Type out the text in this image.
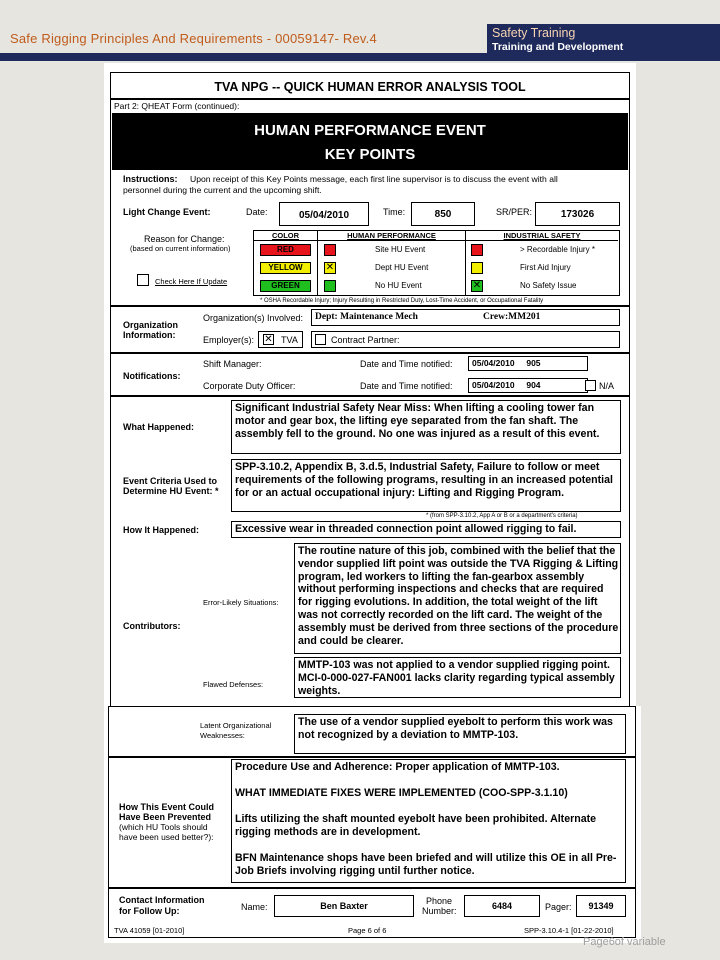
Safe Rigging Principles And Requirements - 00059147- Rev.4	Safety Training
Training and Development
TVA NPG -- QUICK HUMAN ERROR ANALYSIS TOOL
Part 2: QHEAT Form (continued):
HUMAN PERFORMANCE EVENT
KEY POINTS
Instructions: Upon receipt of this Key Points message, each first line supervisor is to discuss the event with all
personnel during the current and the upcoming shift.
Light Change Event:	Date:	05/04/2010	Time:	850	SR/PER:	173026
Reason for Change:
(based on current information)
Check Here If Update
COLOR	HUMAN PERFORMANCE	INDUSTRIAL SAFETY
RED	Site HU Event	> Recordable Injury *
YELLOW	✕	Dept HU Event	First Aid Injury
GREEN	No HU Event	✕	No Safety Issue
* OSHA Recordable Injury; Injury Resulting in Restricted Duty, Lost-Time Accident, or Occupational Fatality
Organization
Information:
Organization(s) Involved: Dept: Maintenance Mech	Crew:MM201
Employer(s): ✕ TVA	Contract Partner:
Notifications:
Shift Manager:	Date and Time notified: 05/04/2010     905
Corporate Duty Officer:	Date and Time notified: 05/04/2010     904	N/A
What Happened:
Significant Industrial Safety Near Miss: When lifting a cooling tower fan motor and gear box, the lifting eye separated from the fan shaft. The assembly fell to the ground. No one was injured as a result of this event.
Event Criteria Used to
Determine HU Event: *
SPP-3.10.2, Appendix B, 3.d.5, Industrial Safety, Failure to follow or meet requirements of the following programs, resulting in an increased potential for or an actual occupational injury: Lifting and Rigging Program.
* (from SPP-3.10.2, App A or B or a department's criteria)
How It Happened:	Excessive wear in threaded connection point allowed rigging to fail.
Contributors:
Error-Likely Situations:
The routine nature of this job, combined with the belief that the vendor supplied lift point was outside the TVA Rigging & Lifting program, led workers to lifting the fan-gearbox assembly without performing inspections and checks that are required for rigging evolutions. In addition, the total weight of the lift was not correctly recorded on the lift card. The weight of the assembly must be derived from three sections of the procedure and could be clearer.
Flawed Defenses:
MMTP-103 was not applied to a vendor supplied rigging point. MCI-0-000-027-FAN001 lacks clarity regarding typical assembly weights.
Latent Organizational
Weaknesses:
The use of a vendor supplied eyebolt to perform this work was not recognized by a deviation to MMTP-103.
How This Event Could
Have Been Prevented
(which HU Tools should
have been used better?):
Procedure Use and Adherence: Proper application of MMTP-103.
WHAT IMMEDIATE FIXES WERE IMPLEMENTED (COO-SPP-3.1.10)
Lifts utilizing the shaft mounted eyebolt have been prohibited. Alternate rigging methods are in development.
BFN Maintenance shops have been briefed and will utilize this OE in all Pre-Job Briefs involving rigging until further notice.
Contact Information
for Follow Up:	Name:	Ben Baxter	Phone
Number:	6484	Pager:	91349
TVA 41059 [01-2010]	Page 6 of 6	SPP-3.10.4-1 [01-22-2010]
Page6of variable
